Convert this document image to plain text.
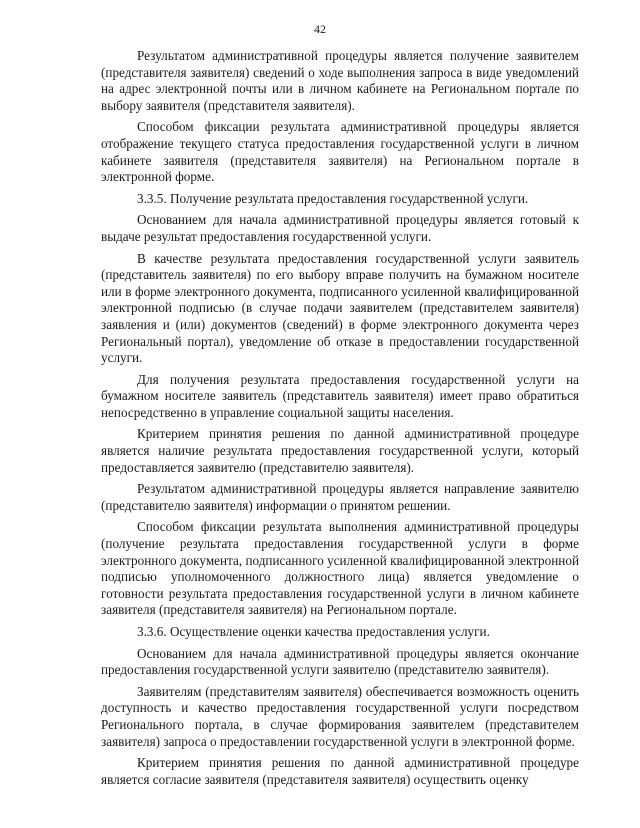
42

Результатом административной процедуры является получение заявителем (представителя заявителя) сведений о ходе выполнения запроса в виде уведомлений на адрес электронной почты или в личном кабинете на Региональном портале по выбору заявителя (представителя заявителя).

Способом фиксации результата административной процедуры является отображение текущего статуса предоставления государственной услуги в личном кабинете заявителя (представителя заявителя) на Региональном портале в электронной форме.

3.3.5. Получение результата предоставления государственной услуги.

Основанием для начала административной процедуры является готовый к выдаче результат предоставления государственной услуги.

В качестве результата предоставления государственной услуги заявитель (представитель заявителя) по его выбору вправе получить на бумажном носителе или в форме электронного документа, подписанного усиленной квалифицированной электронной подписью (в случае подачи заявителем (представителем заявителя) заявления и (или) документов (сведений) в форме электронного документа через Региональный портал), уведомление об отказе в предоставлении государственной услуги.

Для получения результата предоставления государственной услуги на бумажном носителе заявитель (представитель заявителя) имеет право обратиться непосредственно в управление социальной защиты населения.

Критерием принятия решения по данной административной процедуре является наличие результата предоставления государственной услуги, который предоставляется заявителю (представителю заявителя).

Результатом административной процедуры является направление заявителю (представителю заявителя) информации о принятом решении.

Способом фиксации результата выполнения административной процедуры (получение результата предоставления государственной услуги в форме электронного документа, подписанного усиленной квалифицированной электронной подписью уполномоченного должностного лица) является уведомление о готовности результата предоставления государственной услуги в личном кабинете заявителя (представителя заявителя) на Региональном портале.

3.3.6. Осуществление оценки качества предоставления услуги.

Основанием для начала административной процедуры является окончание предоставления государственной услуги заявителю (представителю заявителя).

Заявителям (представителям заявителя) обеспечивается возможность оценить доступность и качество предоставления государственной услуги посредством Регионального портала, в случае формирования заявителем (представителем заявителя) запроса о предоставлении государственной услуги в электронной форме.

Критерием принятия решения по данной административной процедуре является согласие заявителя (представителя заявителя) осуществить оценку
